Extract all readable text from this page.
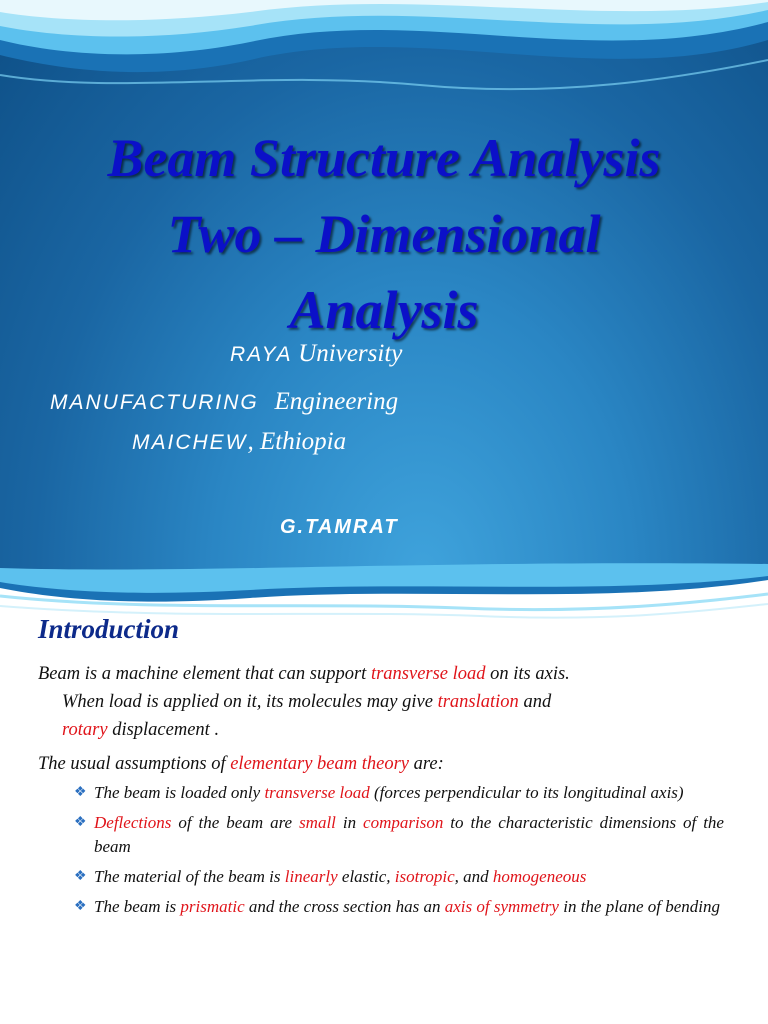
Beam Structure Analysis
Two – Dimensional
Analysis
RAYA University
MANUFACTURING Engineering
MAICHEW, Ethiopia
G.TAMRAT
Introduction

Beam is a machine element that can support transverse load on its axis.
When load is applied on it, its molecules may give translation and
rotary displacement .

The usual assumptions of elementary beam theory are:

❖ The beam is loaded only transverse load (forces perpendicular to its longitudinal axis)
❖ Deflections of the beam are small in comparison to the characteristic dimensions of the beam
❖ The material of the beam is linearly elastic, isotropic, and homogeneous
❖ The beam is prismatic and the cross section has an axis of symmetry in the plane of bending
